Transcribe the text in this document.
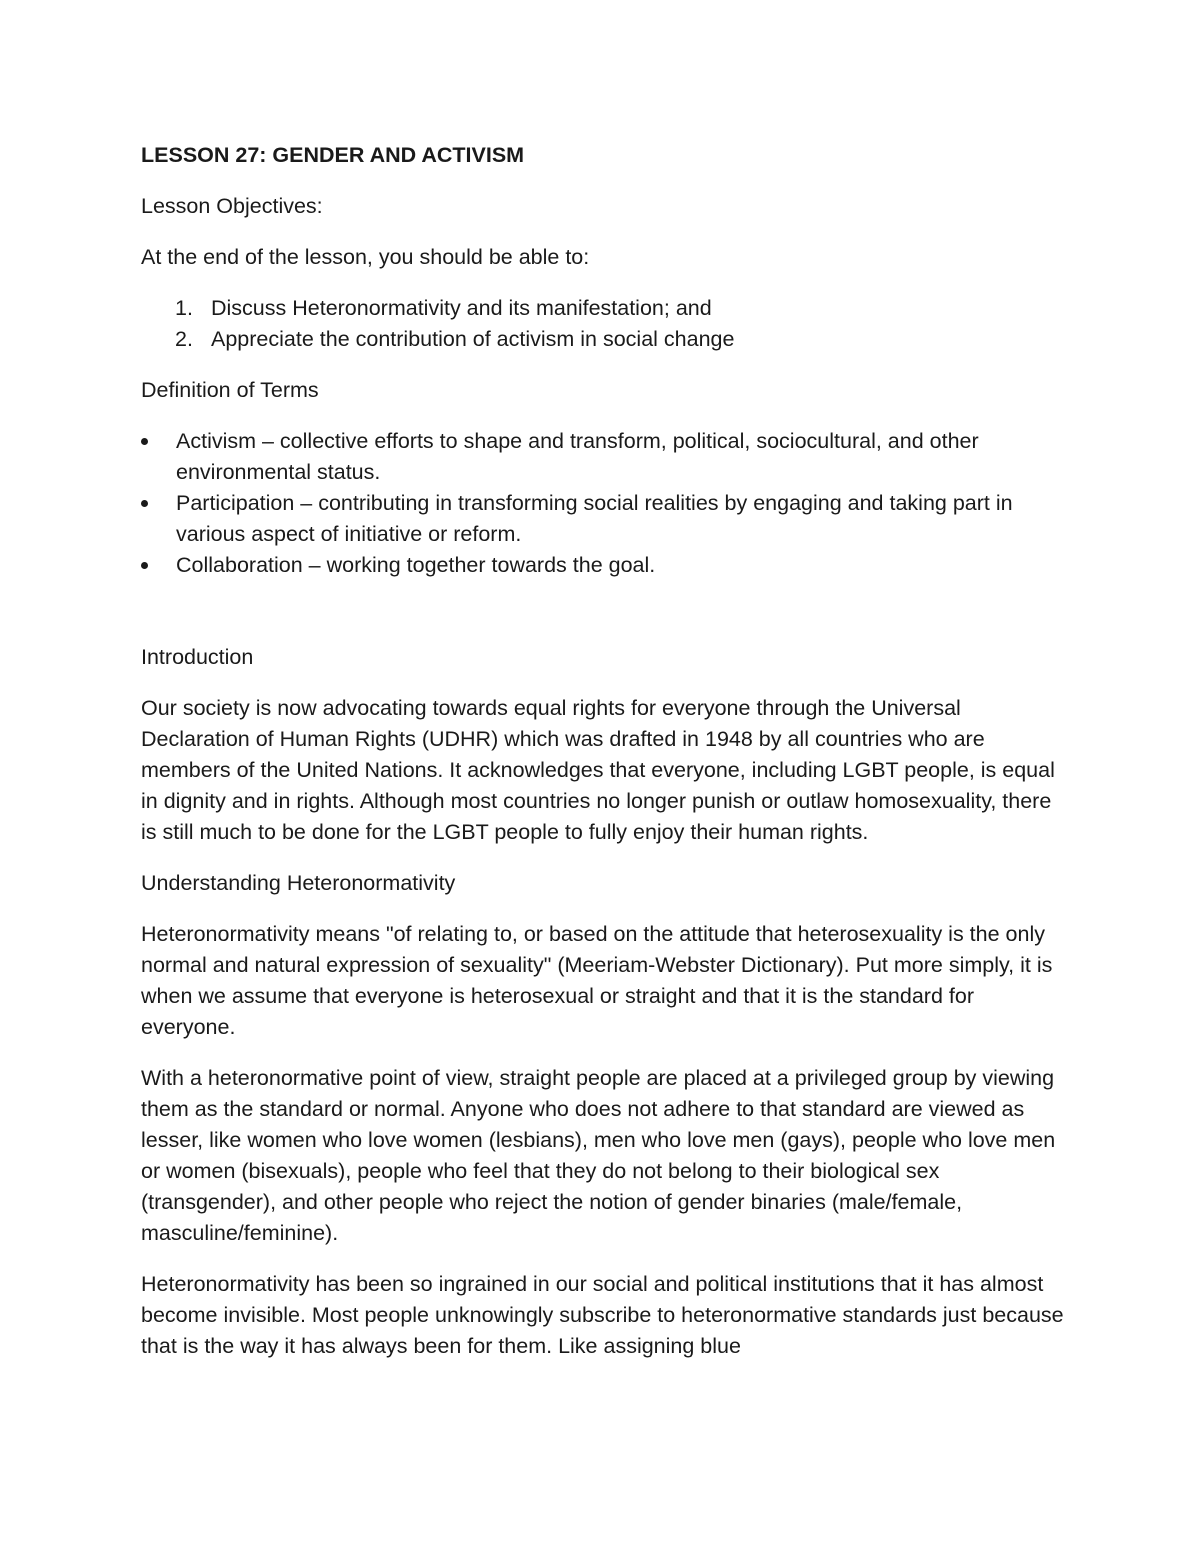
LESSON 27: GENDER AND ACTIVISM

Lesson Objectives:

At the end of the lesson, you should be able to:

1. Discuss Heteronormativity and its manifestation; and
2. Appreciate the contribution of activism in social change

Definition of Terms

Activism – collective efforts to shape and transform, political, sociocultural, and other environmental status.
Participation – contributing in transforming social realities by engaging and taking part in various aspect of initiative or reform.
Collaboration – working together towards the goal.

Introduction

Our society is now advocating towards equal rights for everyone through the Universal Declaration of Human Rights (UDHR) which was drafted in 1948 by all countries who are members of the United Nations. It acknowledges that everyone, including LGBT people, is equal in dignity and in rights. Although most countries no longer punish or outlaw homosexuality, there is still much to be done for the LGBT people to fully enjoy their human rights.

Understanding Heteronormativity

Heteronormativity means "of relating to, or based on the attitude that heterosexuality is the only normal and natural expression of sexuality" (Meeriam-Webster Dictionary). Put more simply, it is when we assume that everyone is heterosexual or straight and that it is the standard for everyone.

With a heteronormative point of view, straight people are placed at a privileged group by viewing them as the standard or normal. Anyone who does not adhere to that standard are viewed as lesser, like women who love women (lesbians), men who love men (gays), people who love men or women (bisexuals), people who feel that they do not belong to their biological sex (transgender), and other people who reject the notion of gender binaries (male/female, masculine/feminine).

Heteronormativity has been so ingrained in our social and political institutions that it has almost become invisible. Most people unknowingly subscribe to heteronormative standards just because that is the way it has always been for them. Like assigning blue
